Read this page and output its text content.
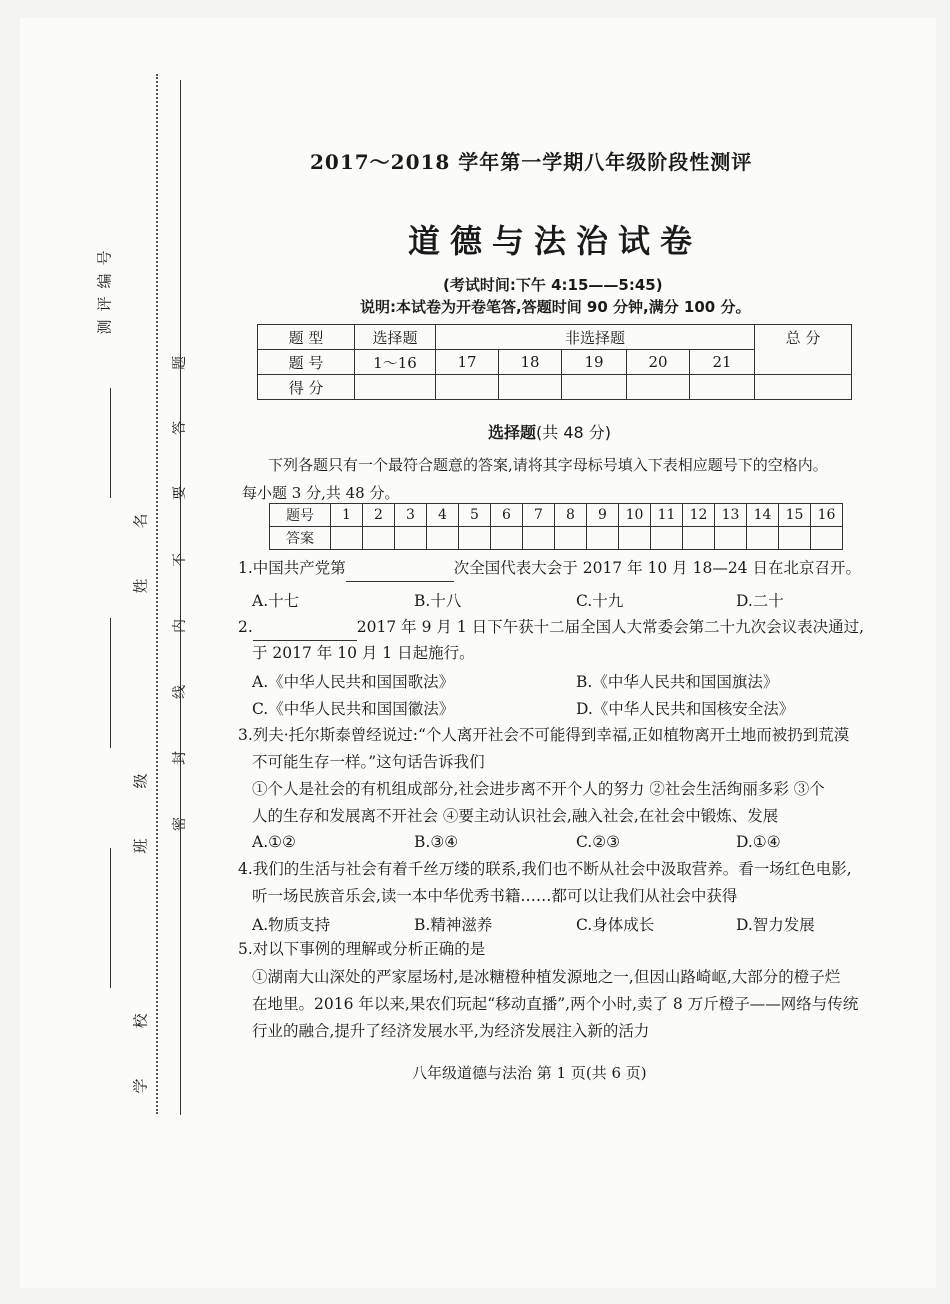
测评编号
姓名
班级
学校
题
答
要
不
内
线
封
密
2017～2018 学年第一学期八年级阶段性测评
道德与法治试卷
(考试时间:下午 4:15——5:45)
说明:本试卷为开卷笔答,答题时间 90 分钟,满分 100 分。
题 型	选择题	非选择题					总 分
题 号	1～16	17	18	19	20	21	
得 分							
选择题(共 48 分)
下列各题只有一个最符合题意的答案,请将其字母标号填入下表相应题号下的空格内。
每小题 3 分,共 48 分。
题号	1	2	3	4	5	6	7	8	9	10	11	12	13	14	15	16
答案																
1.中国共产党第	次全国代表大会于 2017 年 10 月 18—24 日在北京召开。
A.十七	B.十八	C.十九	D.二十
2.	2017 年 9 月 1 日下午获十二届全国人大常委会第二十九次会议表决通过,
于 2017 年 10 月 1 日起施行。
A.《中华人民共和国国歌法》	B.《中华人民共和国国旗法》
C.《中华人民共和国国徽法》	D.《中华人民共和国核安全法》
3.列夫·托尔斯泰曾经说过:“个人离开社会不可能得到幸福,正如植物离开土地而被扔到荒漠
不可能生存一样。”这句话告诉我们
①个人是社会的有机组成部分,社会进步离不开个人的努力 ②社会生活绚丽多彩 ③个
人的生存和发展离不开社会 ④要主动认识社会,融入社会,在社会中锻炼、发展
A.①②	B.③④	C.②③	D.①④
4.我们的生活与社会有着千丝万缕的联系,我们也不断从社会中汲取营养。看一场红色电影,
听一场民族音乐会,读一本中华优秀书籍……都可以让我们从社会中获得
A.物质支持	B.精神滋养	C.身体成长	D.智力发展
5.对以下事例的理解或分析正确的是
①湖南大山深处的严家屋场村,是冰糖橙种植发源地之一,但因山路崎岖,大部分的橙子烂
在地里。2016 年以来,果农们玩起“移动直播”,两个小时,卖了 8 万斤橙子——网络与传统
行业的融合,提升了经济发展水平,为经济发展注入新的活力
八年级道德与法治 第 1 页(共 6 页)
